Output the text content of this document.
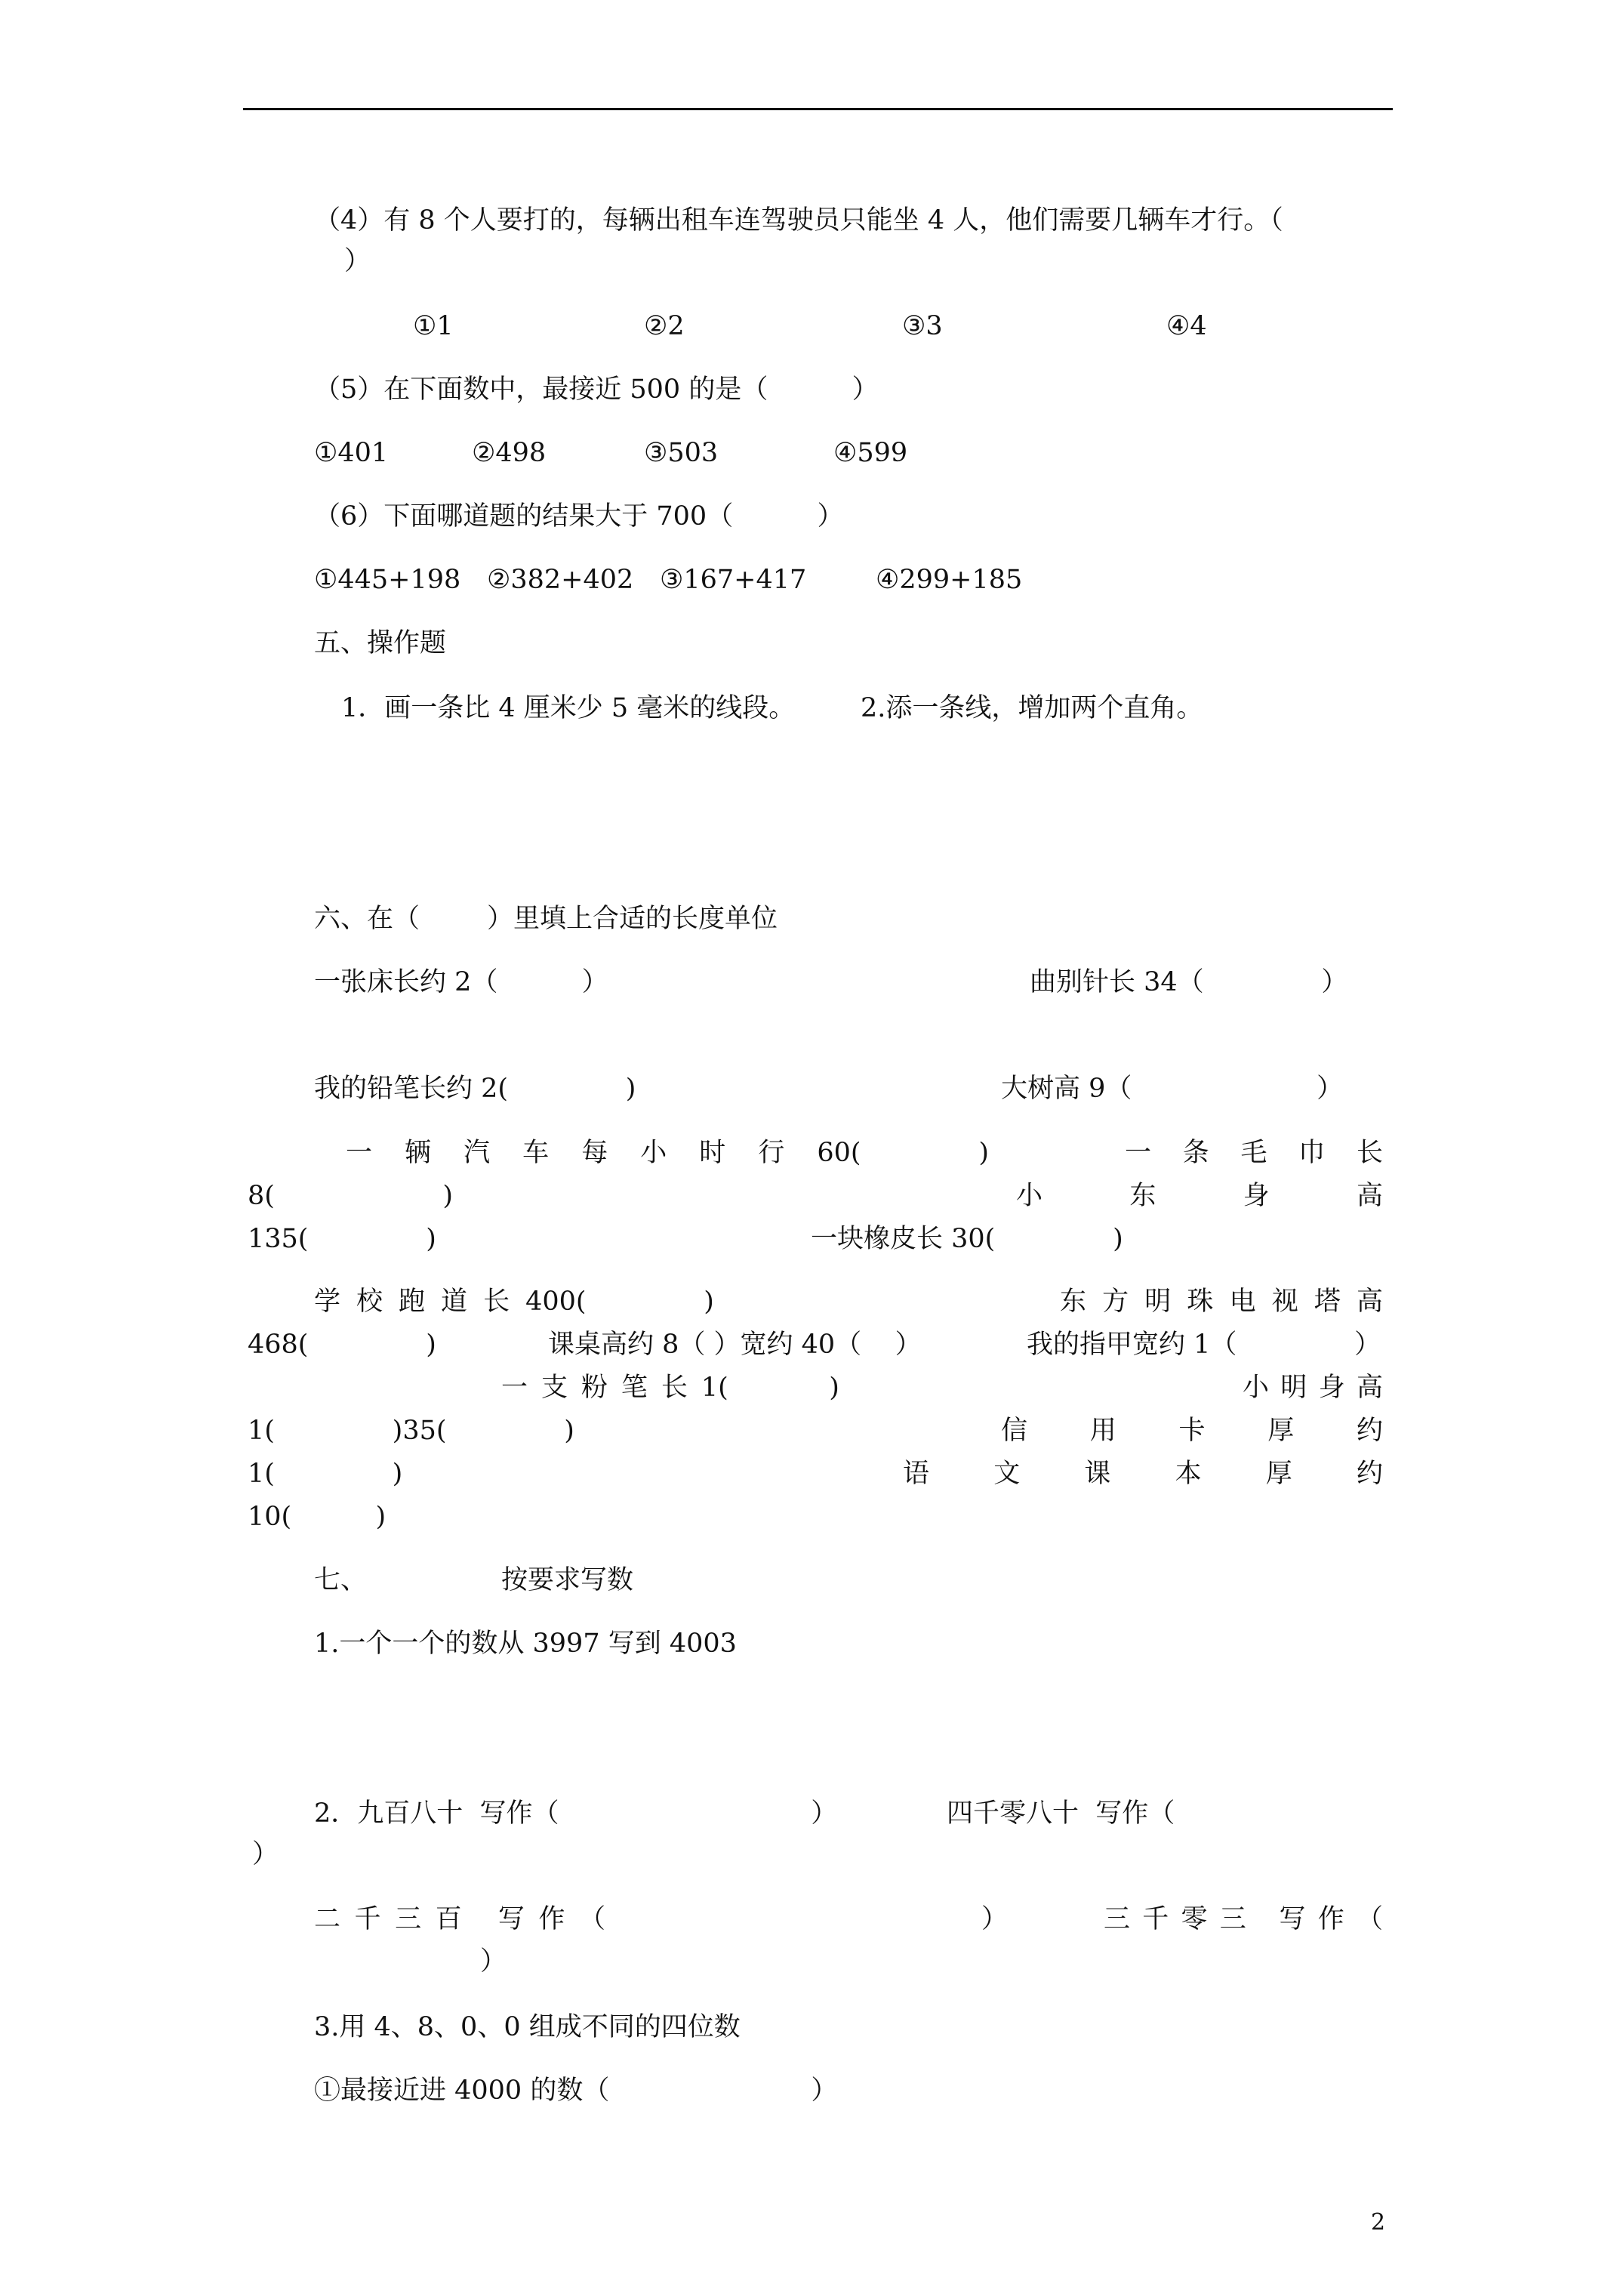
（4）有 8 个人要打的，每辆出租车连驾驶员只能坐 4 人，他们需要几辆车才行。（
）
①1	②2	③3	④4
（5）在下面数中，最接近 500 的是（          ）
①401	②498	③503	④599
（6）下面哪道题的结果大于 700（          ）
①445+198 ②382+402 ③167+417	④299+185
五、操作题
1．画一条比 4 厘米少 5 毫米的线段。 2.添一条线，增加两个直角。
六、在（        ）里填上合适的长度单位
一张床长约 2（          ）	曲别针长 34（              ）
我的铅笔长约 2(              )	大树高 9（                      ）
一 辆 汽 车 每 小 时 行 60(              )	一 条 毛 巾 长
8(                    )	小	东	身	高
135(              )	一块橡皮长 30(              )
学 校 跑 道 长 400(              )	东 方 明 珠 电 视 塔 高
468(              )	课桌高约 8（ ）宽约 40（    ）	我的指甲宽约 1（              ）
一 支 粉 笔 长 1(            )	小 明 身 高
1(              )35(              )	信 用 卡 厚 约
1(              )	语 文 课 本 厚 约
10(          )
七、	按要求写数
1.一个一个的数从 3997 写到 4003
2．九百八十  写作（                              ）	四千零八十  写作（
）
二 千 三 百
写 作 （	）	三 千 零 三
写 作 （
）
3.用 4、8、0、0 组成不同的四位数
①最接近进 4000 的数（                        ）
2
